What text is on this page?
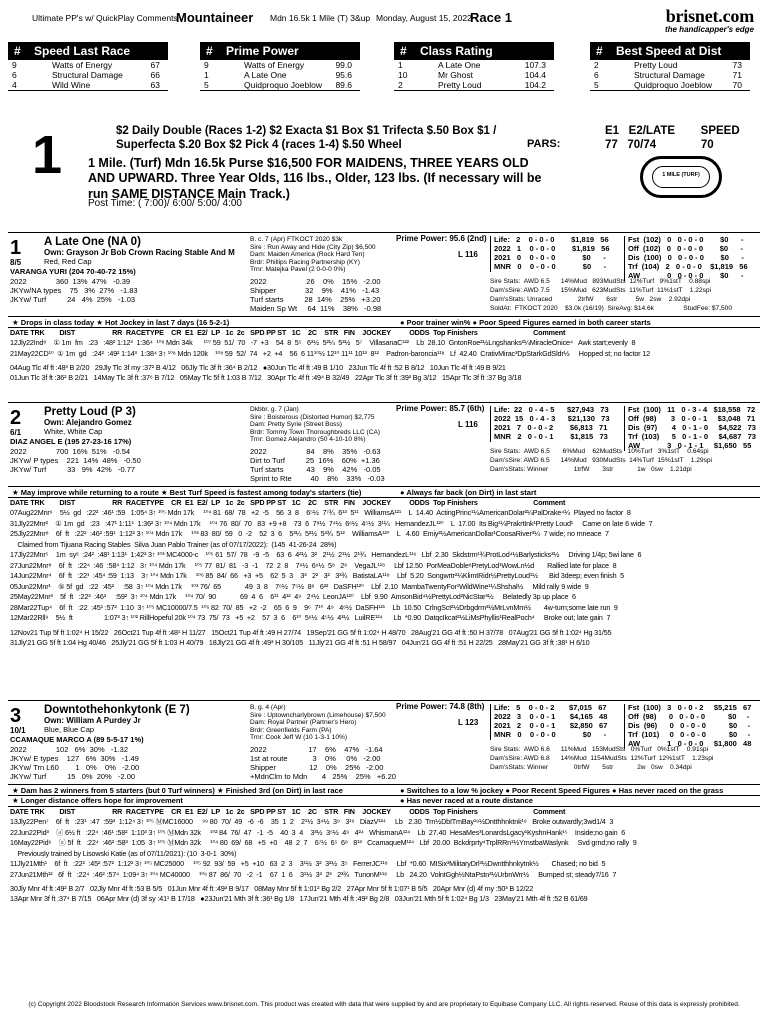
Ultimate PP's w/ QuickPlay Comments
Mountaineer Mdn 16.5k 1 Mile (T) 3&up Monday, August 15, 2022
Race 1	brisnet.com
the handicapper's edge
# Speed Last Race
9	Watts of Energy	67
6	Structural Damage	66
4	Wild Wine	63
# Prime Power
9	Watts of Energy	99.0
1	A Late One	95.6
5	Quidproquo Joeblow 89.6
# Class Rating
1	A Late One	107.3
10	Mr Ghost	104.4
2	Pretty Loud	104.2
# Best Speed at Dist
2	Pretty Loud	73
6	Structural Damage	71
5	Quidproquo Joeblow 70
1	$2 Daily Double (Races 1-2) $2 Exacta $1 Box $1 Trifecta $.50 Box $1 / Superfecta $.20 Box $2 Pick 4 (races 1-4) $.50 Wheel	PARS:
E1   E2/LATE        SPEED
77   70/74              70
1 Mile. (Turf) Mdn 16.5k Purse $16,500 FOR MAIDENS, THREE YEARS OLD AND UPWARD. Three Year Olds, 116 lbs., Older, 123 lbs. (If necessary will be run SAME DISTANCE Main Track.)
Post Time: ( 7:00)/ 6:00/ 5:00/ 4:00
1 MILE (TURF)
1 A Late One (NA 0)
Own: Grayson Jr Bob Crown Racing Stable And M
8/5	Red, Red Cap
VARANGA YURI (204 70-40-72 15%)
B. c. 7 (Apr) FTKOCT 2020 $3k
Sire : Run Away and Hide (City Zip) $6,500
Dam: Maiden America (Rock Hard Ten)
Brdr: Phillips Racing Partnership (KY)
Trnr: Matejka Pavel (2 0-0-0 0%)
Prime Power: 95.6 (2nd)
L 116
Life:   2    0 - 0 - 0        $1,819   56
2022   1    0 - 0 - 0        $1,819   56
2021   0    0 - 0 - 0             $0      -
MNR   0    0 - 0 - 0             $0      -
Fst  (102)   0   0 - 0 - 0        $0      -
Off  (102)   0   0 - 0 - 0        $0      -
Dis  (100)   0   0 - 0 - 0        $0      -
Trf  (104)   2   0 - 0 - 0    $1,819   56
AW             0   0 - 0 - 0        $0      -
2022              360  13%  47%   -0.39
JKYw/NA types    75   3%  27%   -1.83
JKYw/ Turf          24   4%  25%   -1.03
2022                   26    0%    15%   -2.00
Shipper              32    9%    41%   -1.43
Turf starts          28  14%    25%   +3.20
Maiden Sp Wt     64  11%    38%   -0.98
Sire Stats:  AWD 6.5      14%Mud   893MudSts  12%Turf   9%1stT    0.88spi
Dam'sSire: AWD 7.5      15%Mud   623MudSts  11%Turf  11%1stT    1.22spi
Dam'sStats: Unraced              2trfW       6str          5w   2sw    2.92dpi
SoldAt:  FTKOCT 2020    $3.0k (16/19)  SireAvg: $14.6k                StudFee: $7,500
★ Drops in class today ★ Hot Jockey in last 7 days (16 5-2-1)	● Poor trainer win% ● Poor Speed Figures earned in both career starts
DATE TRK        DIST                    RR  RACETYPE    CR  E1  E2/  LP   1c  2c   SPD PP ST   1C    2C    STR   FIN    JOCKEY          ODDS  Top Finishers                              Comment
12Jly22Ind⁸    ① 1m  fm   :23   :48² 1:12³  1:36⁴  ¹⁰⁸ Mdn 34k      ¹⁰⁷ 59  51/  70   -7  +3    54  8  5⁵   6³½  5²¼  5³½   5⁷    VillasanaC¹²²    Lb  28.10  GntonRoe²½Lngshanks²¼MiracleOnice⁴   Awk start;evenly  8
21May22CD¹⁰  ① 1m  gd   :24²  :49² 1:14³  1:38⁴ 3↑ ¹⁰⁸ Mdn 120k    ¹⁰⁸ 59  52/  74   +2  +4    56  6 11¹⁰½ 12¹⁰ 11¹¹ 10¹³  8¹²    Padron-baroncia¹¹⁸   Lf  42.40  CrativMirac³DpStarkGdSldr½     Hopped st; no factor 12
04Aug Tlc 4f ft :48³ B 2/20   29Jly Tlc 3f my :37² B 4/12   06Jly Tlc 3f ft :36⁴ B 2/12   ●30Jun Tlc 4f ft :49 B 1/10   23Jun Tlc 4f ft :52 B 8/12   10Jun Tlc 4f ft :49 B 9/21
01Jun Tlc 3f ft :36² B 2/21   14May Tlc 3f ft :37⁶ B 7/12   05May Tlc 5f ft 1:03 B 7/12   30Apr Tlc 4f ft :49⁴ B 32/49   22Apr Tlc 3f ft :39³ Bg 3/12   15Apr Tlc 3f ft :37 Bg 3/18
2 Pretty Loud (P 3)
Own: Alejandro Gomez
6/1	White, White Cap
DIAZ ANGEL E (195 27-23-16 17%)
Dkbbr. g. 7 (Jan)
Sire : Boisterous (Distorted Humor) $2,775
Dam: Pretty Syrie (Street Boss)
Brdr: Tommy Town Thoroughbreds LLC (CA)
Trnr: Gomez Alejandro (50 4-10-10 8%)
Prime Power: 85.7 (6th)
L 116
Life:  22   0 - 4 - 5      $27,943   73
2022  15   0 - 4 - 3      $21,130   73
2021   7   0 - 0 - 2        $6,813   71
MNR   2   0 - 0 - 1        $1,815   73
Fst  (100)   11   0 - 3 - 4   $18,558   72
Off  (98)       3   0 - 0 - 1     $3,048   71
Dis  (97)       4   0 - 1 - 0     $4,522   73
Trf  (103)      5   0 - 1 - 0     $4,687   73
AW             3   0 - 1 - 1     $1,650   55
2022              700  16%  51%   -0.54
JKYw/ P types    221  14%  48%   -0.50
JKYw/ Turf          33   9%  42%   -0.77
2022                   84    8%    35%   -0.63
Dirt to Turf          25  16%    60%  +1.36
Turf starts           43    9%    42%   -0.05
Sprint to Rte         40    8%    33%   -0.03
Sire Stats:  AWD 6.5       6%Mud    62MudSts   10%Turf   3%1stT    0.64spi
Dam'sSire: AWD 6.5      14%Mud   930MudSts  14%Turf  15%1stT    1.29spi
Dam'sStats: Winner              1trfW       3str             1w   0sw    1.21dpi
★ May improve while returning to a route ★ Best Turf Speed is fastest among today's starters (tie)	● Always far back (on Dirt) in last start
DATE TRK        DIST                    RR  RACETYPE    CR  E1  E2/  LP   1c  2c   SPD PP ST   1C    2C    STR   FIN    JOCKEY          ODDS  Top Finishers                              Comment
07Aug22Mnr⁶    5½  gd   :22²  :46¹ :59   1:05⁴ 3↑ ¹⁰⁵ Mdn 17k     ¹⁰⁴ 81  68/  78   +2  -5    56  3  8    6⁵½  7⁷¾  6¹³  5¹¹   WilliamsA¹²¹    L  14.40  ActingPrinc¹¼AmericanDolar²¼PalDrake⁴¼  Played no factor  8
31Jly22Mnr²    ① 1m  gd   :23   :47¹ 1:11¹  1:36² 3↑ ¹⁰⁴ Mdn 17k     ¹⁰⁴ 76  80/  70   83  +9 +8    73  6  7⁸½  7⁴½  6⁶½  4⁵½  3¹¼   HernandezJL¹²⁰    L  17.00  Its Big¹¼PrakrtInk¹Pretty Loud¹     Came on late 6 wide  7
25Jly22Mnr⁸    6f  ft   :22²  :46² :59¹  1:12² 3↑ ¹⁰⁴ Mdn 17k     ¹⁰³ 83  80/  59   0  -2    52  3  6    5³¼  5²½  5³¾  5¹²    WilliamsA¹²⁰    L   4.60  Emiy²½AmericanDollar¹CoosaRiver³¼  7 wide; no mneace  7
Claimed from Tijuana Racing Stables  Silva Juan Pablo Trainer (as of 07/17/2022):  (145  41-26-24  28%)
17Jly22Mnr⁵    1m  syˢ  :24²  :48¹ 1:13¹  1:42³ 3↑ ¹⁰³ MC4000-c    ¹⁰⁵ 61  57/  78   -9  -5    63  6  4²½  3²   2¹½  2¹½  2¹¾   HernandezL¹¹⁶   Lbf  2.30  Skdstrm¹¾ProtLod⁴½Barlysticks³½     Driving 1/4p; 5wi lane  6
27Jun22Mnr⁸    6f  ft   :22⁴  :46  :58⁴ 1:12   3↑ ¹⁰⁴ Mdn 17k     ¹⁰⁵ 77  81/  81   -3  -1    72  2  8    7⁶½  6⁶½  5⁸   2⁸    VegaJL¹¹⁸     Lbf 12.50  PorMeaDoble⁸PretyLod¹WowLn½d       Rallied late for place  8
14Jun22Mnr⁴    6f  ft   :22¹  :45⁴ :59  1:13    3↑ ¹⁰⁴ Mdn 17k     ¹⁰⁶ 85  84/  66   +3  +5    62  5  3    3³   2²   3²   3³¾   BatistaLA¹¹⁸    Lbf  5.20  Songwrtr²¼KlimtRidr½PrettyLoud¹½      Bid 3deep; even finish  5
05Jun22Mnr¹    ⑤ 5f  gd   :22  :45²     :58  3↑ ¹⁰⁴ Mdn 17k     ¹⁰³ 76/  65             49  3  8    7⁶½  7⁵½  8⁸   6²²   DaSFH¹²⁰    Lbf  2.10  MambaTwentyFor¹WildWine¹¼Shshal½     Mild rally 9 wide  9
25May22Mnr³    5f  ft   :22³  :46³     :59²  3↑ ¹⁰⁴ Mdn 17k     ¹⁰⁴ 70/  90             69  4  6    6¹¹  4¹²  4⁹   2⁴½  LeonJA¹²⁰    Lbf  9.90  AmsonBid⁴½PrettyLod²NicStar³½     Belatedly 3p up place  6
28Mar22Tup⁴    6f  ft   :22  :45¹ :57²  1:10  3↑ ¹⁰⁵ MC10000/7.5  ¹⁰⁶ 82  70/  85   +2  -2    65  6  9    9⁶  7¹⁰  4⁹   4⁶½  DaSFH¹²¹    Lb  10.50  CrlngSct²½Drbgdrm³½MrLvnMm½       4w-turn;some late run  9
12Mar22Rll⁹    5½  ft                 1:07³ 3↑ ¹⁰² RillHopeful 20k ¹⁰⁴ 73  75/  73   +5  +2    57  3  6    6¹⁰  5⁶½  4⁵½  4³½   LuilRE¹²⁴      Lb  *0.90  DatqcIkcat²½LiMsPhyllis¹RealPoch⁴     Broke out; late gain  7
12Nov21 Tup 5f ft 1:02⁴ H 15/22   26Oct21 Tup 4f ft :48¹ H 11/27   15Oct21 Tup 4f ft :49 H 27/74   19Sep'21 GG 5f ft 1:02⁴ H 48/70   28Aug'21 GG 4f ft :50 H 37/78   07Aug'21 GG 5f ft 1:02⁴ Hg 31/55
31Jly'21 GG 5f ft 1:04 Hg 40/46   25Jly'21 GG 5f ft 1:03 H 40/79   18Jly'21 GG 4f ft :49³ H 30/105   11Jly'21 GG 4f ft :51 H 58/97   04Jun'21 GG 4f ft :51 H 22/25   28May'21 GG 3f ft :38¹ H 6/10
3 Downtothehonkytonk (E 7)
Own: William A Purdey Jr
10/1 Blue, Blue Cap
CCAMAQUE MARCO A (89 5-5-17 1%)
B. g. 4 (Apr)
Sire : Uptowncharlybrown (Limehouse) $7,500
Dam: Royal Partner (Partner's Hero)
Brdr: Greenfields Farm (PA)
Trnr: Cook Jeff W (10 1-3-1 10%)
Prime Power: 74.8 (8th)
L 123
Life:   5    0 - 0 - 2       $7,015   67
2022   3    0 - 0 - 1       $4,165   48
2021   2    0 - 0 - 1       $2,850   67
MNR   0    0 - 0 - 0             $0      -
Fst  (100)   3   0 - 0 - 2     $5,215   67
Off  (98)      0   0 - 0 - 0           $0     -
Dis  (96)      0   0 - 0 - 0           $0     -
Trf  (101)     0   0 - 0 - 0           $0     -
AW             1   0 - 0 - 0     $1,800   48
2022              102   6%  30%   -1.32
JKYw/ E types    127   6%  30%   -1.49
JKYw/ Trn L60        1   0%    0%   -2.00
JKYw/ Turf          15   0%  20%   -2.00
2022                    17    6%    47%   -1.64
1st at route            3    0%     0%   -2.00
Shipper                12    0%    25%   -2.00
+MdnClm to Mdn       4   25%    25%   +6.20
Sire Stats:  AWD 6.6      11%Mud   153MudSts   0%Turf   0%1stT    0.91spi
Dam'sSire: AWD 6.8      14%Mud  1154MudSts  12%Turf  12%1stT    1.23spi
Dam'sStats: Winner              0trfW       5str             2w   0sw    0.34dpi
★ Dam has 2 winners from 5 starters (but 0 Turf winners) ★ Finished 3rd (on Dirt) in last race	● Switches to a low % jockey ● Poor Recent Speed Figures ● Has never raced on the grass
★ Longer distance offers hope for improvement	● Has never raced at a route distance
DATE TRK        DIST                    RR  RACETYPE    CR  E1  E2/  LP   1c  2c   SPD PP ST   1C    2C    STR   FIN    JOCKEY          ODDS  Top Finishers                              Comment
13Jly22Pen⁷    6f  ft   :23¹  :47  :59³  1:12⁴ 3↑ ¹⁰⁵ ⓂMC16000     ⁹⁹ 80  70/  49   -6  -6    35  1  2    2¹½  3⁴½  3⁹   3¹⁹   DiazV¹²⁴     Lb   2.30  Trn½DbITmBay¹⁹½Dntthhnktnk¹⁹   Broke outwardly;3wd1/4  3
22Jun22Pid³    ⓐ 6½ ft   :22⁴  :46¹ :58²  1:10³ 3↑ ¹⁰⁵ ⓂMdn 32k     ¹⁰² 84  76/  47   -1  -5    40  3  4    3³½  3⁵½  4⁹   4²⁴   WhismanA¹²⁴    Lb  27.40  HesaMes³LonardsLgacy¹KyshnHank¹⁵    Inside;no gain  6
16May22Pid⁶    ⓐ 5f  ft   :22⁴  :46² :58³  1:05  3↑ ¹⁰⁵ ⓂMdn 32k     ¹⁰⁴ 80  69/  68   +5  +0    48  2  7    6⁷½  6⁵  6⁸   8¹³   CcamaqueM¹²⁴   Lbf  20.00  Bckdrprty⁴TrplRRn¹½YmstbaWaslynk     Svd grnd;no rally  9
Previously trained by Lisowski Katie (as of 07/11/2021): (10  3-0-1  30%)
11Jly21Mth¹    6f  ft   :22²  :45² :57²  1:12² 3↑ ¹⁰⁵ MC25000     ¹⁰⁵ 92  93/  59   +5  +10   63  2  3    3¹½  3²  3²½  3⁵   FerrerJC¹¹⁸     Lbf  *0.60  MISix³MilitaryDrl³½Dwntthhnkytnk½       Chased; no bid  5
27Jun21Mth¹²   6f  ft   :22⁴  :46² :57⁴  1:09⁴ 3↑ ¹⁰⁴ MC40000     ¹⁰⁶ 87  86/  70   -2  -1    67  1  6    3¹½  3³  2³   2³¾   TunonM¹¹⁸     Lb   24.20  VolntGgh½NtaPstn³½UrbnWrr½     Bumped st; steady7/16  7
30Jly Mnr 4f ft :49² B 2/7   02Jly Mnr 4f ft :53 B 5/5   01Jun Mnr 4f ft :49³ B 9/17   08May Mnr 5f ft 1:01² Bg 2/2   27Apr Mnr 5f ft 1:07¹ B 5/5   20Apr Mnr (d) 4f my :50³ B 12/22
13Apr Mnr 3f ft :37⁴ B 7/15   06Apr Mnr (d) 3f sy :41¹ B 17/18   ●23Jun'21 Mth 3f ft :36¹ Bg 1/8   17Jun'21 Mth 4f ft :49² Bg 2/8   03Jun'21 Mth 5f ft 1:02⁴ Bg 1/3   23May'21 Mth 4f ft :52 B 61/69
(c) Copyright 2022 Bloodstock Research Information Services www.brisnet.com. This product was created with data that were supplied by and are proprietary to Equibase Company LLC. All rights reserved. Reuse of this data is expressly prohibited.
